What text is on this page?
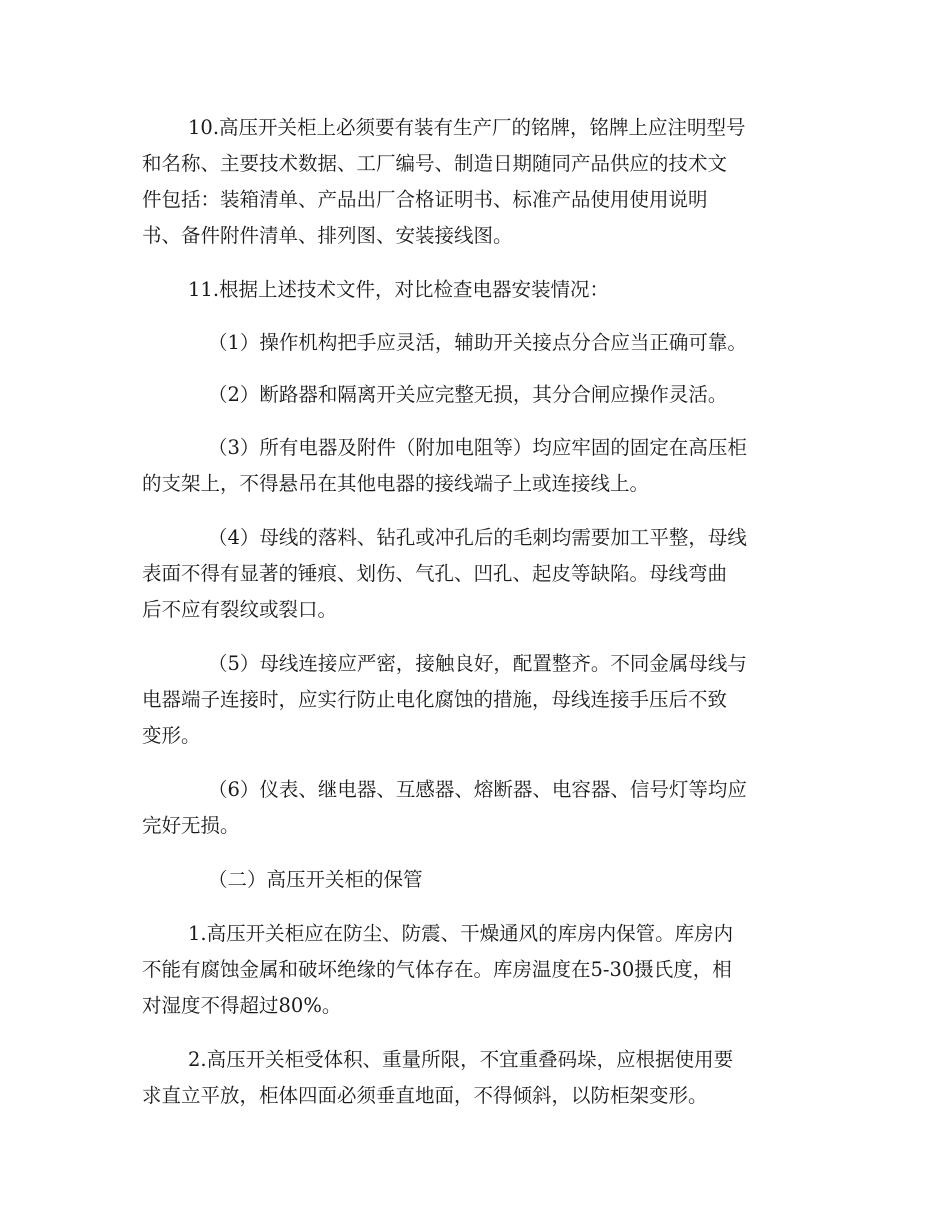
10.高压开关柜上必须要有装有生产厂的铭牌，铭牌上应注明型号
和名称、主要技术数据、工厂编号、制造日期随同产品供应的技术文
件包括：装箱清单、产品出厂合格证明书、标准产品使用使用说明
书、备件附件清单、排列图、安装接线图。
11.根据上述技术文件，对比检查电器安装情况：
（1）操作机构把手应灵活，辅助开关接点分合应当正确可靠。
（2）断路器和隔离开关应完整无损，其分合闸应操作灵活。
（3）所有电器及附件（附加电阻等）均应牢固的固定在高压柜
的支架上，不得悬吊在其他电器的接线端子上或连接线上。
（4）母线的落料、钻孔或冲孔后的毛刺均需要加工平整，母线
表面不得有显著的锤痕、划伤、气孔、凹孔、起皮等缺陷。母线弯曲
后不应有裂纹或裂口。
（5）母线连接应严密，接触良好，配置整齐。不同金属母线与
电器端子连接时，应实行防止电化腐蚀的措施，母线连接手压后不致
变形。
（6）仪表、继电器、互感器、熔断器、电容器、信号灯等均应
完好无损。
（二）高压开关柜的保管
1.高压开关柜应在防尘、防震、干燥通风的库房内保管。库房内
不能有腐蚀金属和破坏绝缘的气体存在。库房温度在5-30摄氏度，相
对湿度不得超过80%。
2.高压开关柜受体积、重量所限，不宜重叠码垛，应根据使用要
求直立平放，柜体四面必须垂直地面，不得倾斜，以防柜架变形。
